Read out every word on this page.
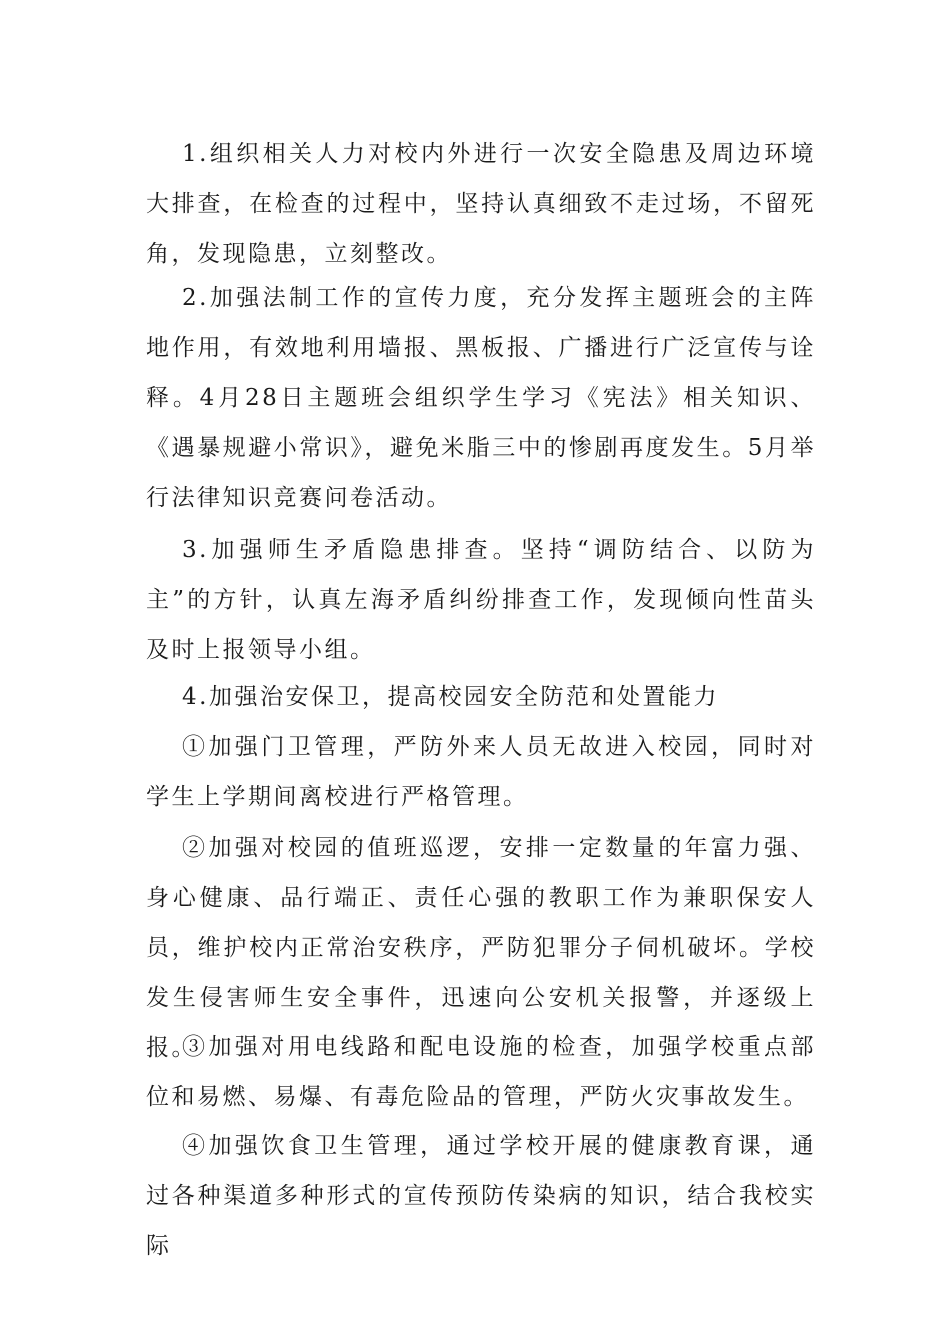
1.组织相关人力对校内外进行一次安全隐患及周边环境大排查，在检查的过程中，坚持认真细致不走过场，不留死角，发现隐患，立刻整改。

2.加强法制工作的宣传力度，充分发挥主题班会的主阵地作用，有效地利用墙报、黑板报、广播进行广泛宣传与诠释。4月28日主题班会组织学生学习《宪法》相关知识、《遇暴规避小常识》，避免米脂三中的惨剧再度发生。5月举行法律知识竞赛问卷活动。

3.加强师生矛盾隐患排查。坚持“调防结合、以防为主”的方针，认真左海矛盾纠纷排查工作，发现倾向性苗头及时上报领导小组。

4.加强治安保卫，提高校园安全防范和处置能力

①加强门卫管理，严防外来人员无故进入校园，同时对学生上学期间离校进行严格管理。

②加强对校园的值班巡逻，安排一定数量的年富力强、身心健康、品行端正、责任心强的教职工作为兼职保安人员，维护校内正常治安秩序，严防犯罪分子伺机破坏。学校发生侵害师生安全事件，迅速向公安机关报警，并逐级上报。

③加强对用电线路和配电设施的检查，加强学校重点部位和易燃、易爆、有毒危险品的管理，严防火灾事故发生。

④加强饮食卫生管理，通过学校开展的健康教育课，通过各种渠道多种形式的宣传预防传染病的知识，结合我校实际
